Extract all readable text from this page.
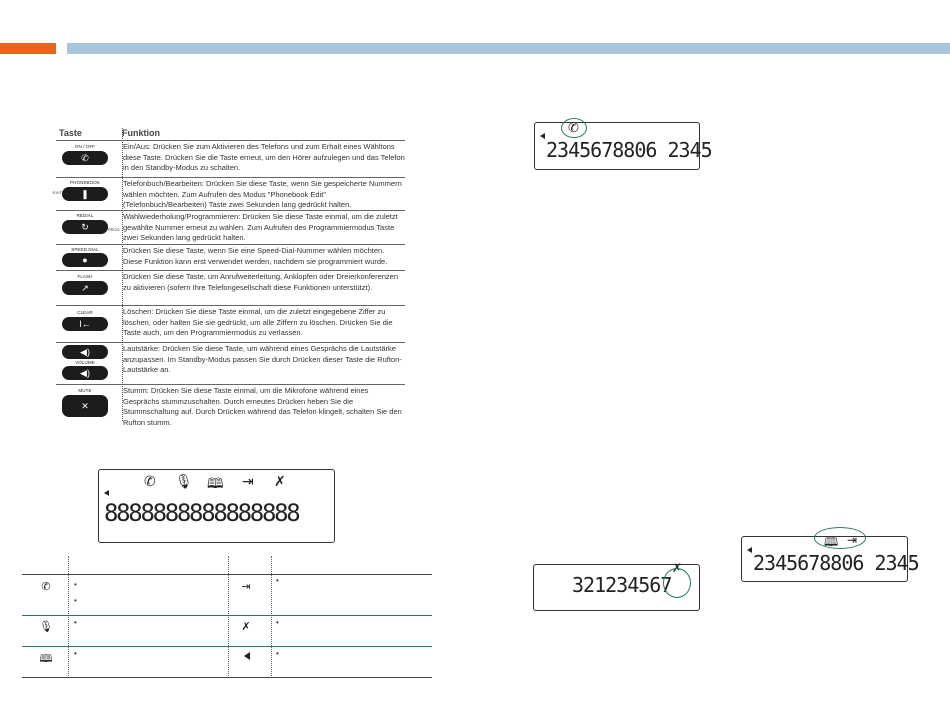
Taste	Funktion
ON / OFF
✆
Ein/Aus: Drücken Sie zum Aktivieren des Telefons und zum Erhalt eines Wähltons diese Taste. Drücken Sie die Taste erneut, um den Hörer aufzulegen und das Telefon in den Standby-Modus zu schalten.
PHONEBOOK
EXIT	❚
Telefonbuch/Bearbeiten: Drücken Sie diese Taste, wenn Sie gespeicherte Nummern wählen möchten. Zum Aufrufen des Modus "Phonebook Edit" (Telefonbuch/Bearbeiten) Taste zwei Sekunden lang gedrückt halten.
REDIAL
PROG
↻
Wahlwiederholung/Programmieren: Drücken Sie diese Taste einmal, um die zuletzt gewählte Nummer erneut zu wählen. Zum Aufrufen des Programmiermodus Taste zwei Sekunden lang gedrückt halten.
SPEED DIAL
●
Drücken Sie diese Taste, wenn Sie eine Speed-Dial-Nummer wählen möchten. Diese Funktion kann erst verwendet werden, nachdem sie programmiert wurde.
FLASH
↗
Drücken Sie diese Taste, um Anrufweiterleitung, Anklopfen oder Dreierkonferenzen zu aktivieren (sofern Ihre Telefongesellschaft diese Funktionen unterstützt).
CLEAR
I←
Löschen: Drücken Sie diese Taste einmal, um die zuletzt eingegebene Ziffer zu löschen, oder halten Sie sie gedrückt, um alle Ziffern zu löschen. Drücken Sie die Taste auch, um den Programmiermodus zu verlassen.
◀)
VOLUME
◀)
Lautstärke: Drücken Sie diese Taste, um während eines Gesprächs die Lautstärke anzupassen. Im Standby-Modus passen Sie durch Drücken dieser Taste die Rufton-Lautstärke an.
MUTE
✕
Stumm: Drücken Sie diese Taste einmal, um die Mikrofone während eines Gesprächs stummzuschalten. Durch erneutes Drücken heben Sie die Stummschaltung auf. Durch Drücken während das Telefon klingelt, schalten Sie den Rufton stumm.
✆
2345678806 2345
✆ 🎙 🕮 ⇥ ✗
8888888888888888
321234567
✗
🕮 ⇥
2345678806 2345
✆	•
•
⇥
•
🎙	•	✗	•
🕮	•	•
